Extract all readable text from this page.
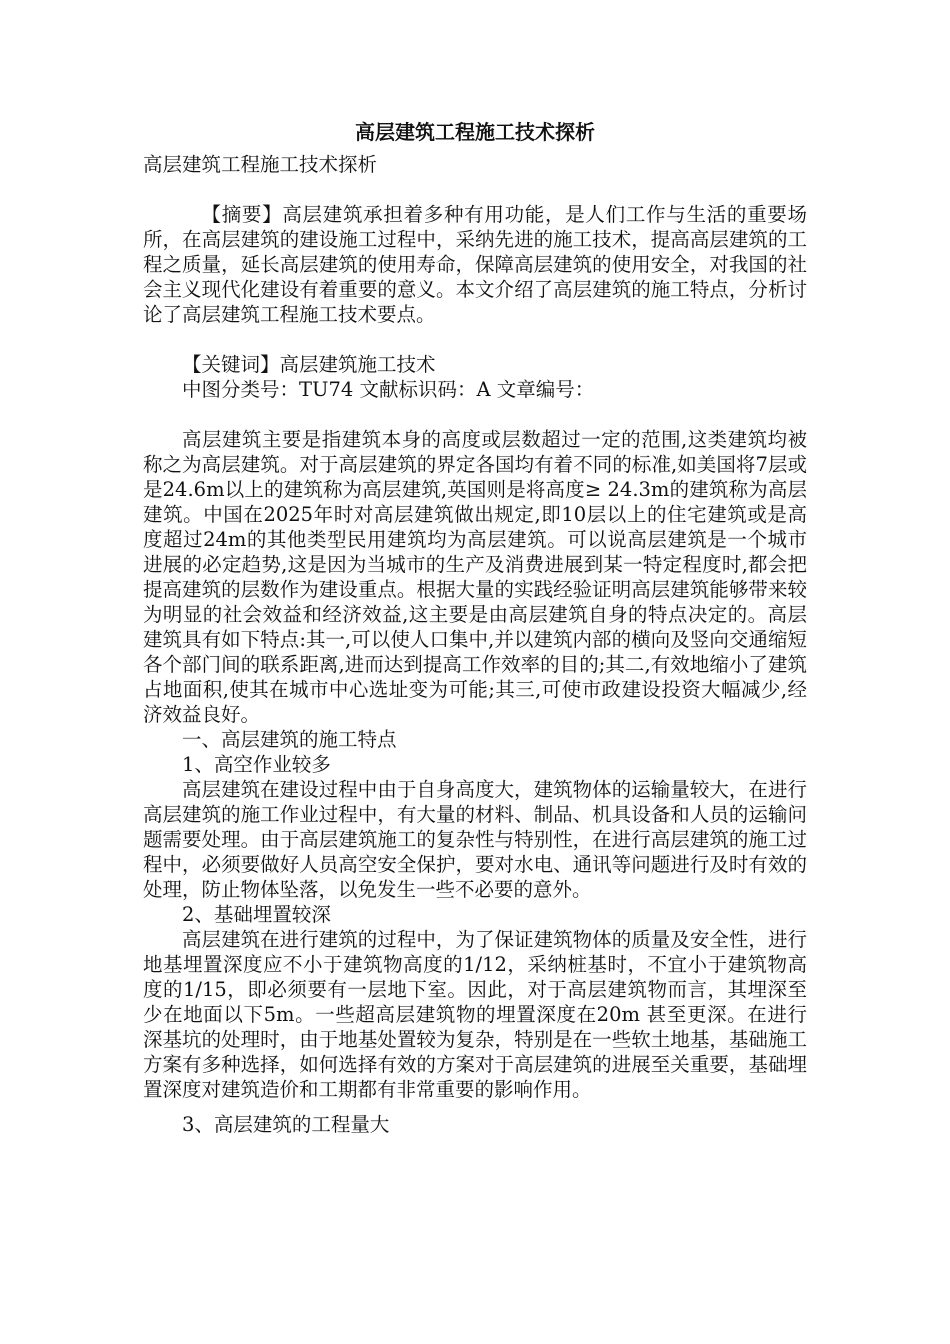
高层建筑工程施工技术探析

高层建筑工程施工技术探析

【摘要】高层建筑承担着多种有用功能，是人们工作与生活的重要场所，在高层建筑的建设施工过程中，采纳先进的施工技术，提高高层建筑的工程之质量，延长高层建筑的使用寿命，保障高层建筑的使用安全，对我国的社会主义现代化建设有着重要的意义。本文介绍了高层建筑的施工特点，分析讨论了高层建筑工程施工技术要点。

【关键词】高层建筑施工技术

中图分类号：TU74 文献标识码：A 文章编号：

高层建筑主要是指建筑本身的高度或层数超过一定的范围,这类建筑均被称之为高层建筑。对于高层建筑的界定各国均有着不同的标准,如美国将7层或是24.6m以上的建筑称为高层建筑,英国则是将高度≥ 24.3m的建筑称为高层建筑。中国在2025年时对高层建筑做出规定,即10层以上的住宅建筑或是高度超过24m的其他类型民用建筑均为高层建筑。可以说高层建筑是一个城市进展的必定趋势,这是因为当城市的生产及消费进展到某一特定程度时,都会把提高建筑的层数作为建设重点。根据大量的实践经验证明高层建筑能够带来较为明显的社会效益和经济效益,这主要是由高层建筑自身的特点决定的。高层建筑具有如下特点:其一,可以使人口集中,并以建筑内部的横向及竖向交通缩短各个部门间的联系距离,进而达到提高工作效率的目的;其二,有效地缩小了建筑占地面积,使其在城市中心选址变为可能;其三,可使市政建设投资大幅减少,经济效益良好。

一、高层建筑的施工特点

1、高空作业较多

高层建筑在建设过程中由于自身高度大，建筑物体的运输量较大，在进行高层建筑的施工作业过程中，有大量的材料、制品、机具设备和人员的运输问题需要处理。由于高层建筑施工的复杂性与特别性，在进行高层建筑的施工过程中，必须要做好人员高空安全保护，要对水电、通讯等问题进行及时有效的处理，防止物体坠落，以免发生一些不必要的意外。

2、基础埋置较深

高层建筑在进行建筑的过程中，为了保证建筑物体的质量及安全性，进行地基埋置深度应不小于建筑物高度的1/12，采纳桩基时，不宜小于建筑物高度的1/15，即必须要有一层地下室。因此，对于高层建筑物而言，其埋深至少在地面以下5m。一些超高层建筑物的埋置深度在20m 甚至更深。在进行深基坑的处理时，由于地基处置较为复杂，特别是在一些软土地基，基础施工方案有多种选择，如何选择有效的方案对于高层建筑的进展至关重要，基础埋置深度对建筑造价和工期都有非常重要的影响作用。

3、高层建筑的工程量大
